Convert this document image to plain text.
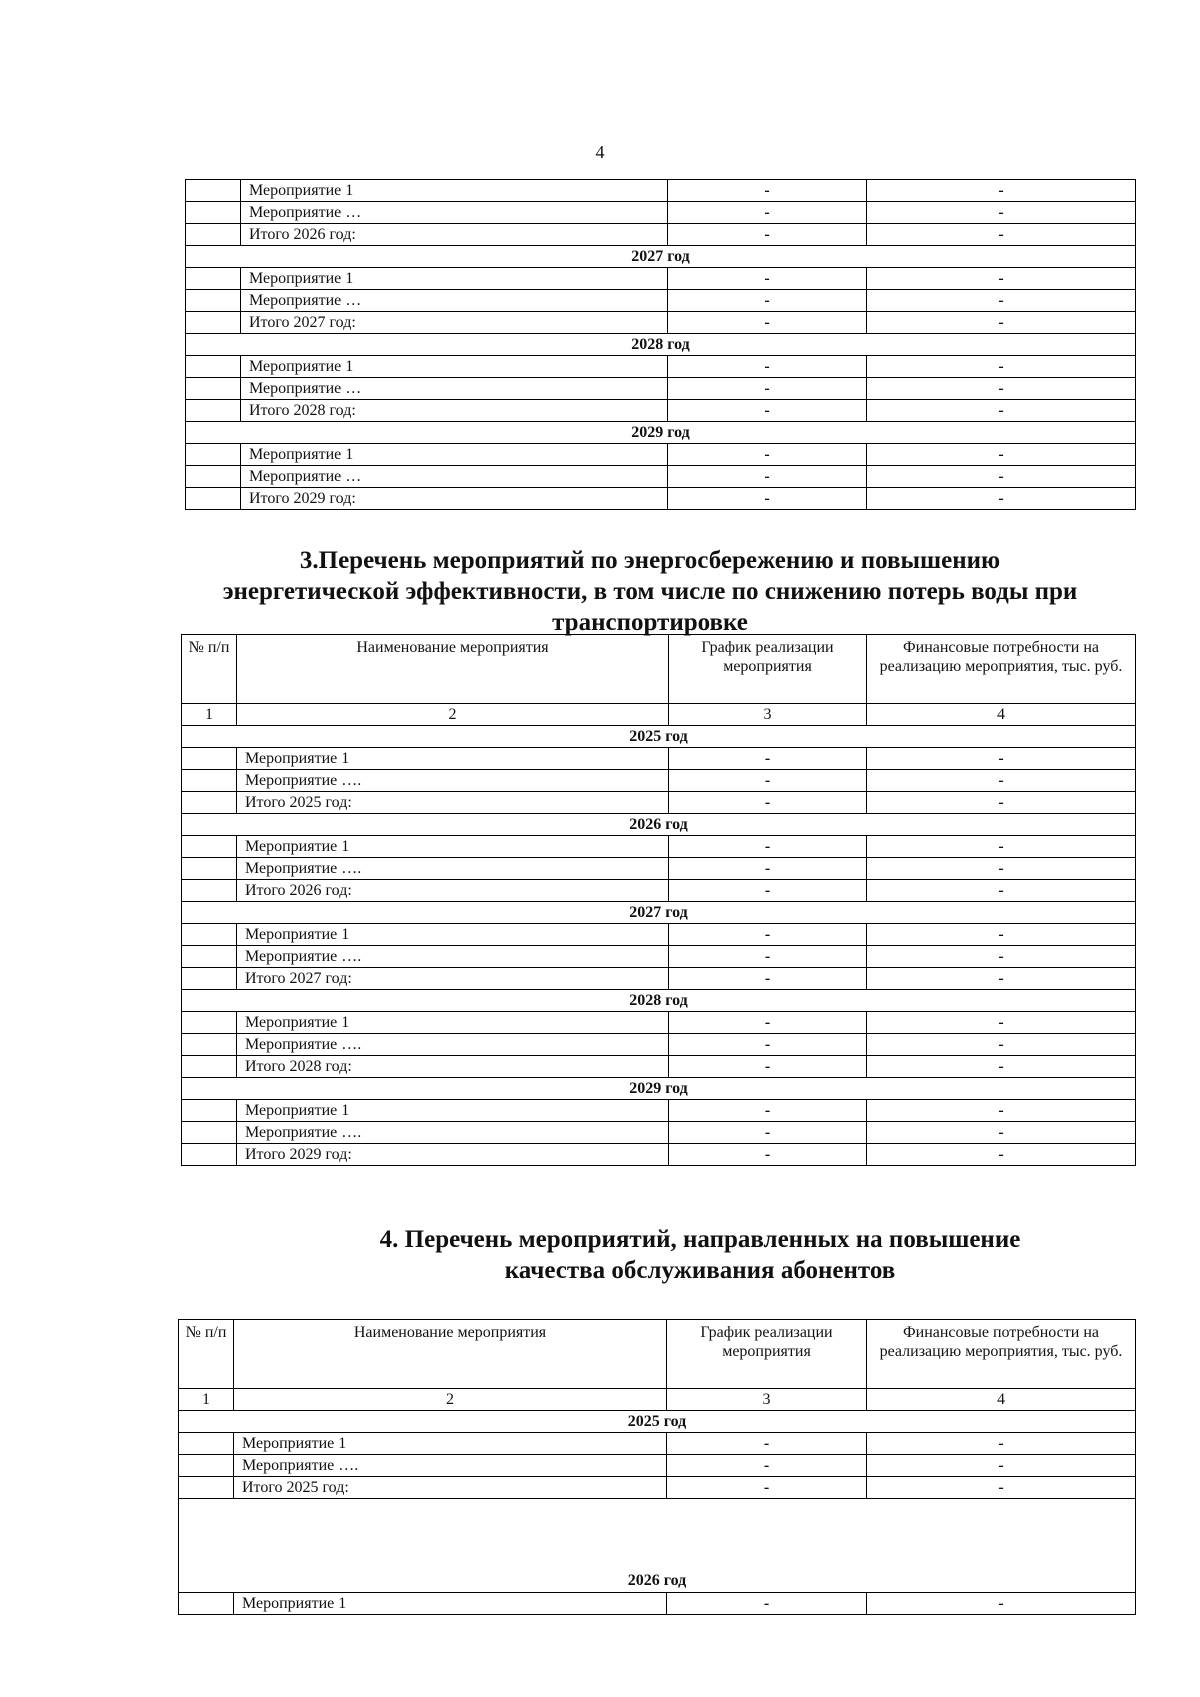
4
	Мероприятие 1	-	-
	Мероприятие …	-	-
	Итого 2026 год:	-	-
2027 год			
	Мероприятие 1	-	-
	Мероприятие …	-	-
	Итого 2027 год:	-	-
2028 год			
	Мероприятие 1	-	-
	Мероприятие …	-	-
	Итого 2028 год:	-	-
2029 год			
	Мероприятие 1	-	-
	Мероприятие …	-	-
	Итого 2029 год:	-	-
3.Перечень мероприятий по энергосбережению и повышению
энергетической эффективности, в том числе по снижению потерь воды при
транспортировке
№ п/п	Наименование мероприятия	График реализации мероприятия	Финансовые потребности на реализацию мероприятия, тыс. руб.
1	2	3	4
2025 год			
	Мероприятие 1	-	-
	Мероприятие ….	-	-
	Итого 2025 год:	-	-
2026 год			
	Мероприятие 1	-	-
	Мероприятие ….	-	-
	Итого 2026 год:	-	-
2027 год			
	Мероприятие 1	-	-
	Мероприятие ….	-	-
	Итого 2027 год:	-	-
2028 год			
	Мероприятие 1	-	-
	Мероприятие ….	-	-
	Итого 2028 год:	-	-
2029 год			
	Мероприятие 1	-	-
	Мероприятие ….	-	-
	Итого 2029 год:	-	-
4. Перечень мероприятий, направленных на повышение
качества обслуживания абонентов
№ п/п	Наименование мероприятия	График реализации мероприятия	Финансовые потребности на реализацию мероприятия, тыс. руб.
1	2	3	4
2025 год			
	Мероприятие 1	-	-
	Мероприятие ….	-	-
	Итого 2025 год:	-	-
2026 год			
	Мероприятие 1	-	-
